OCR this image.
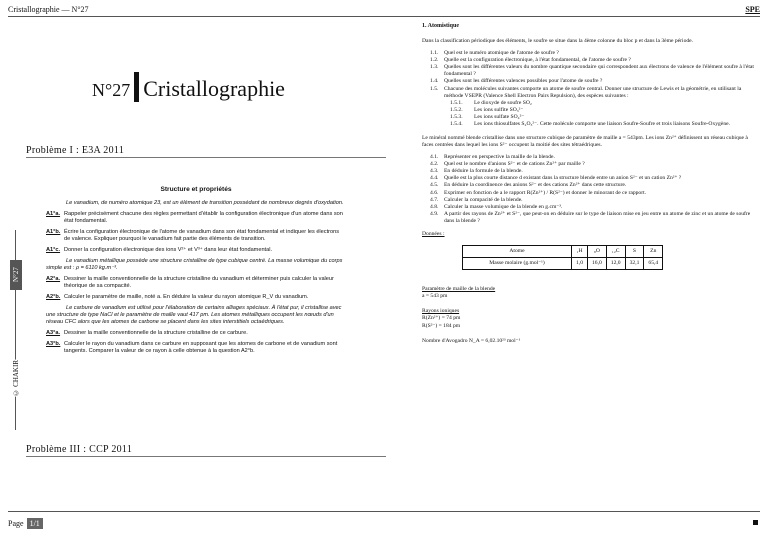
Cristallographie — N°27	SPE
N°27
© CHAKIR
N°27 Cristallographie
Problème I : E3A 2011
Structure et propriétés

Le vanadium, de numéro atomique 23, est un élément de transition possédant de nombreux degrés d'oxydation.

A1°a. Rappeler précisément chacune des règles permettant d'établir la configuration électronique d'un atome dans son état fondamental.
A1°b. Écrire la configuration électronique de l'atome de vanadium dans son état fondamental et indiquer les électrons de valence. Expliquer pourquoi le vanadium fait partie des éléments de transition.
A1°c. Donner la configuration électronique des ions V²⁺ et V³⁺ dans leur état fondamental.

Le vanadium métallique possède une structure cristalline de type cubique centré. La masse volumique du corps simple est : ρ = 6110 kg.m⁻³.

A2°a. Dessiner la maille conventionnelle de la structure cristalline du vanadium et déterminer puis calculer la valeur théorique de sa compacité.
A2°b. Calculer le paramètre de maille, noté a. En déduire la valeur du rayon atomique R_V du vanadium.

Le carbure de vanadium est utilisé pour l'élaboration de certains alliages spéciaux. À l'état pur, il cristallise avec une structure de type NaCl et le paramètre de maille vaut 417 pm. Les atomes métalliques occupent les nœuds d'un réseau CFC alors que les atomes de carbone se placent dans les sites interstitiels octaédriques.

A3°a. Dessiner la maille conventionnelle de la structure cristalline de ce carbure.
A3°b. Calculer le rayon du vanadium dans ce carbure en supposant que les atomes de carbone et de vanadium sont tangents. Comparer la valeur de ce rayon à celle obtenue à la question A2°b.
Problème III : CCP 2011
1. Atomistique

Dans la classification périodique des éléments, le soufre se situe dans la 4ème colonne du bloc p et dans la 3ème période.

1.1.	Quel est le numéro atomique de l'atome de soufre ?
1.2.	Quelle est la configuration électronique, à l'état fondamental, de l'atome de soufre ?
1.3.	Quelles sont les différentes valeurs du nombre quantique secondaire qui correspondent aux électrons de valence de l'élément soufre à l'état fondamental ?
1.4.	Quelles sont les différentes valences possibles pour l'atome de soufre ?
1.5.	Chacune des molécules suivantes comporte un atome de soufre central. Donner une structure de Lewis et la géométrie, en utilisant la méthode VSEPR (Valence Shell Electron Pairs Repulsion), des espèces suivantes :
1.5.1.	Le dioxyde de soufre SO₂
1.5.2.	Les ions sulfite SO₃²⁻
1.5.3.	Les ions sulfate SO₄²⁻
1.5.4.	Les ions thiosulfates S₂O₃²⁻. Cette molécule comporte une liaison Soufre-Soufre et trois liaisons Soufre-Oxygène.

Le minéral nommé blende cristallise dans une structure cubique de paramètre de maille a = 543pm. Les ions Zn²⁺ définissent un réseau cubique à faces centrées dans lequel les ions S²⁻ occupent la moitié des sites tétraédriques.

4.1.	Représenter en perspective la maille de la blende.
4.2.	Quel est le nombre d'anions S²⁻ et de cations Zn²⁺ par maille ?
4.3.	En déduire la formule de la blende.
4.4.	Quelle est la plus courte distance d existant dans la structure blende entre un anion S²⁻ et un cation Zn²⁺ ?
4.5.	En déduire la coordinence des anions S²⁻ et des cations Zn²⁺ dans cette structure.
4.6.	Exprimer en fonction de a le rapport R(Zn²⁺) / R(S²⁻) et donner le minorant de ce rapport.
4.7.	Calculer la compacité de la blende.
4.8.	Calculer la masse volumique de la blende en g.cm⁻³.
4.9.	A partir des rayons de Zn²⁺ et S²⁻, que peut-on en déduire sur le type de liaison mise en jeu entre un atome de zinc et un atome de soufre dans la blende ?

Données :

Atome	₁H	₈O	₁₂C	S	Zn
Masse molaire (g.mol⁻¹)	1,0	16,0	12,0	32,1	65,4
Paramètre de maille de la blende
a = 543 pm
Rayons ioniques
R(Zn²⁺) = 74 pm
R(S²⁻) = 184 pm
Nombre d'Avogadro N_A = 6,02.10²³ mol⁻¹
Page 1/1
